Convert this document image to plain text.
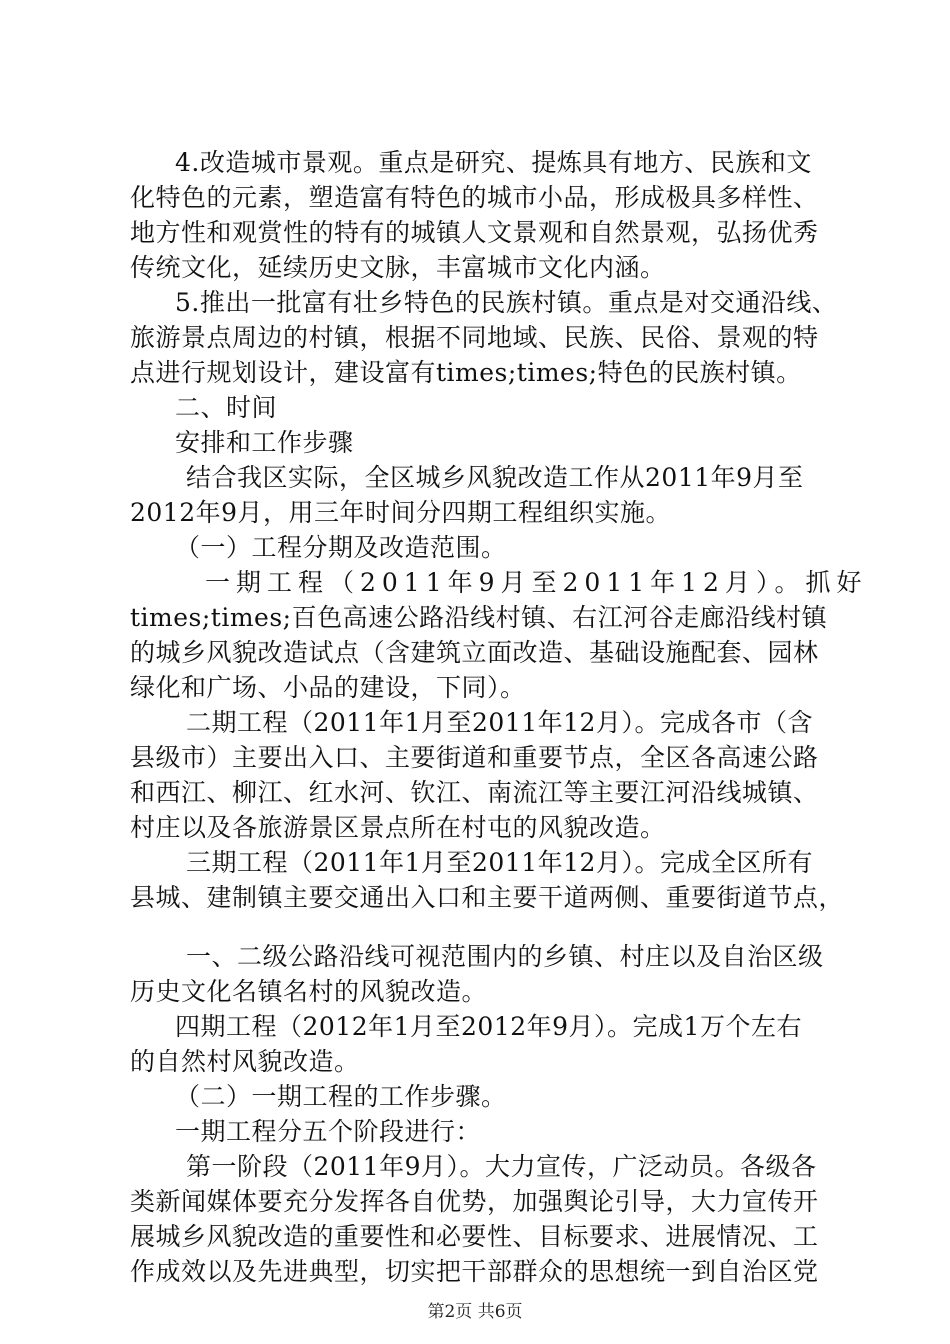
4.改造城市景观。重点是研究、提炼具有地方、民族和文
化特色的元素，塑造富有特色的城市小品，形成极具多样性、
地方性和观赏性的特有的城镇人文景观和自然景观，弘扬优秀
传统文化，延续历史文脉，丰富城市文化内涵。
5.推出一批富有壮乡特色的民族村镇。重点是对交通沿线、
旅游景点周边的村镇，根据不同地域、民族、民俗、景观的特
点进行规划设计，建设富有times;times;特色的民族村镇。
二、时间
安排和工作步骤
结合我区实际，全区城乡风貌改造工作从2011年9月至
2012年9月，用三年时间分四期工程组织实施。
（一）工程分期及改造范围。
一期工程（2011年9月至2011年12月）。抓好
times;times;百色高速公路沿线村镇、右江河谷走廊沿线村镇
的城乡风貌改造试点（含建筑立面改造、基础设施配套、园林
绿化和广场、小品的建设，下同）。
二期工程（2011年1月至2011年12月）。完成各市（含
县级市）主要出入口、主要街道和重要节点，全区各高速公路
和西江、柳江、红水河、钦江、南流江等主要江河沿线城镇、
村庄以及各旅游景区景点所在村屯的风貌改造。
三期工程（2011年1月至2011年12月）。完成全区所有
县城、建制镇主要交通出入口和主要干道两侧、重要街道节点，
一、二级公路沿线可视范围内的乡镇、村庄以及自治区级
历史文化名镇名村的风貌改造。
四期工程（2012年1月至2012年9月）。完成1万个左右
的自然村风貌改造。
（二）一期工程的工作步骤。
一期工程分五个阶段进行：
第一阶段（2011年9月）。大力宣传，广泛动员。各级各
类新闻媒体要充分发挥各自优势，加强舆论引导，大力宣传开
展城乡风貌改造的重要性和必要性、目标要求、进展情况、工
作成效以及先进典型，切实把干部群众的思想统一到自治区党
第2页 共6页
